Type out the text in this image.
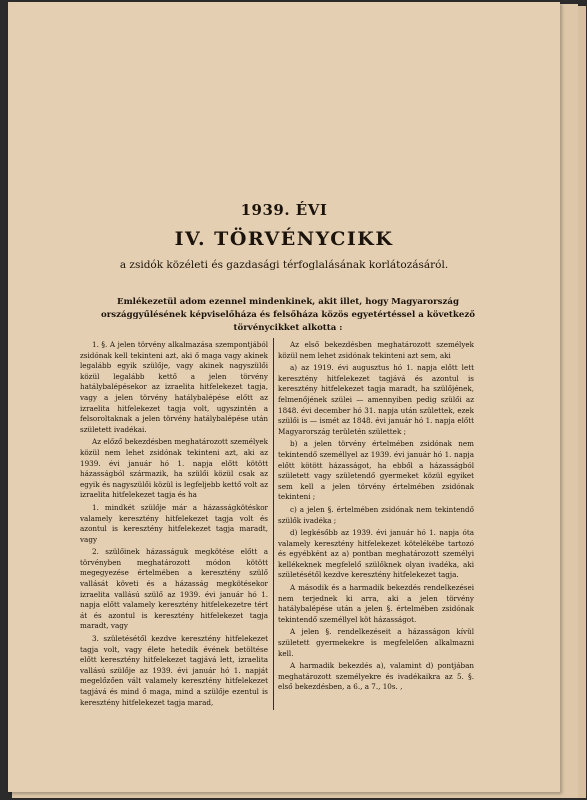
1939. ÉVI
IV. TÖRVÉNYCIKK
a zsidók közéleti és gazdasági térfoglalásának korlátozásáról.
Emlékezetül adom ezennel mindenkinek, akit illet, hogy Magyarország országgyűlésének képviselőháza és felsőháza közös egyetértéssel a következő törvénycikket alkotta :

1. §. A jelen törvény alkalmazása szempontjából zsidónak kell tekinteni azt, aki ő maga vagy akinek legalább egyik szülője, vagy akinek nagyszülői közül legalább kettő a jelen törvény hatálybalépésekor az izraelita hitfelekezet tagja, vagy a jelen törvény hatálybalépése előtt az izraelita hitfelekezet tagja volt, ugyszintén a felsoroltaknak a jelen törvény hatálybalépése után született ivadékai.

Az előző bekezdésben meghatározott személyek közül nem lehet zsidónak tekinteni azt, aki az 1939. évi január hó 1. napja előtt kötött házasságból származik, ha szülői közül csak az egyik és nagyszülői közül is legfeljebb kettő volt az izraelita hitfelekezet tagja és ha

1. mindkét szülője már a házasságkötéskor valamely keresztény hitfelekezet tagja volt és azontul is keresztény hitfelekezet tagja maradt, vagy

2. szülőinek házasságuk megkötése előtt a törvényben meghatározott módon kötött megegyezése értelmében a keresztény szülő vallását követi és a házasság megkötésekor izraelita vallású szülő az 1939. évi január hó 1. napja előtt valamely keresztény hitfelekezetre tért át és azontul is keresztény hitfelekezet tagja maradt, vagy

3. születésétől kezdve keresztény hitfelekezet tagja volt, vagy élete hetedik évének betöltése előtt keresztény hitfelekezet tagjává lett, izraelita vallású szülője az 1939. évi január hó 1. napját megelőzően vált valamely keresztény hitfelekezet tagjává és mind ő maga, mind a szülője ezentul is keresztény hitfelekezet tagja marad,

Az első bekezdésben meghatározott személyek közül nem lehet zsidónak tekinteni azt sem, aki

a) az 1919. évi augusztus hó 1. napja előtt lett keresztény hitfelekezet tagjává és azontul is keresztény hitfelekezet tagja maradt, ha szülőjének, felmenőjének szülei — amennyiben pedig szülői az 1848. évi december hó 31. napja után születtek, ezek szülői is — ismét az 1848. évi január hó 1. napja előtt Magyarország területén születtek ;

b) a jelen törvény értelmében zsidónak nem tekintendő személlyel az 1939. évi január hó 1. napja előtt kötött házasságot, ha ebből a házasságból született vagy születendő gyermeket közül egyiket sem kell a jelen törvény értelmében zsidónak tekinteni ;

c) a jelen §. értelmében zsidónak nem tekintendő szülők ivadéka ;

d) legkésőbb az 1939. évi január hó 1. napja óta valamely keresztény hitfelekezet kötelékébe tartozó és egyébként az a) pontban meghatározott személyi kellékeknek megfelelő szülőknek olyan ivadéka, aki születésétől kezdve keresztény hitfelekezet tagja.

A második és a harmadik bekezdés rendelkezései nem terjednek ki arra, aki a jelen törvény hatálybalépése után a jelen §. értelmében zsidónak tekintendő személlyel köt házasságot.

A jelen §. rendelkezéseit a házasságon kívül született gyermekekre is megfelelően alkalmazni kell.

A harmadik bekezdés a), valamint d) pontjában meghatározott személyekre és ivadékaikra az 5. §. első bekezdésben, a 6., a 7., 10s. ,
